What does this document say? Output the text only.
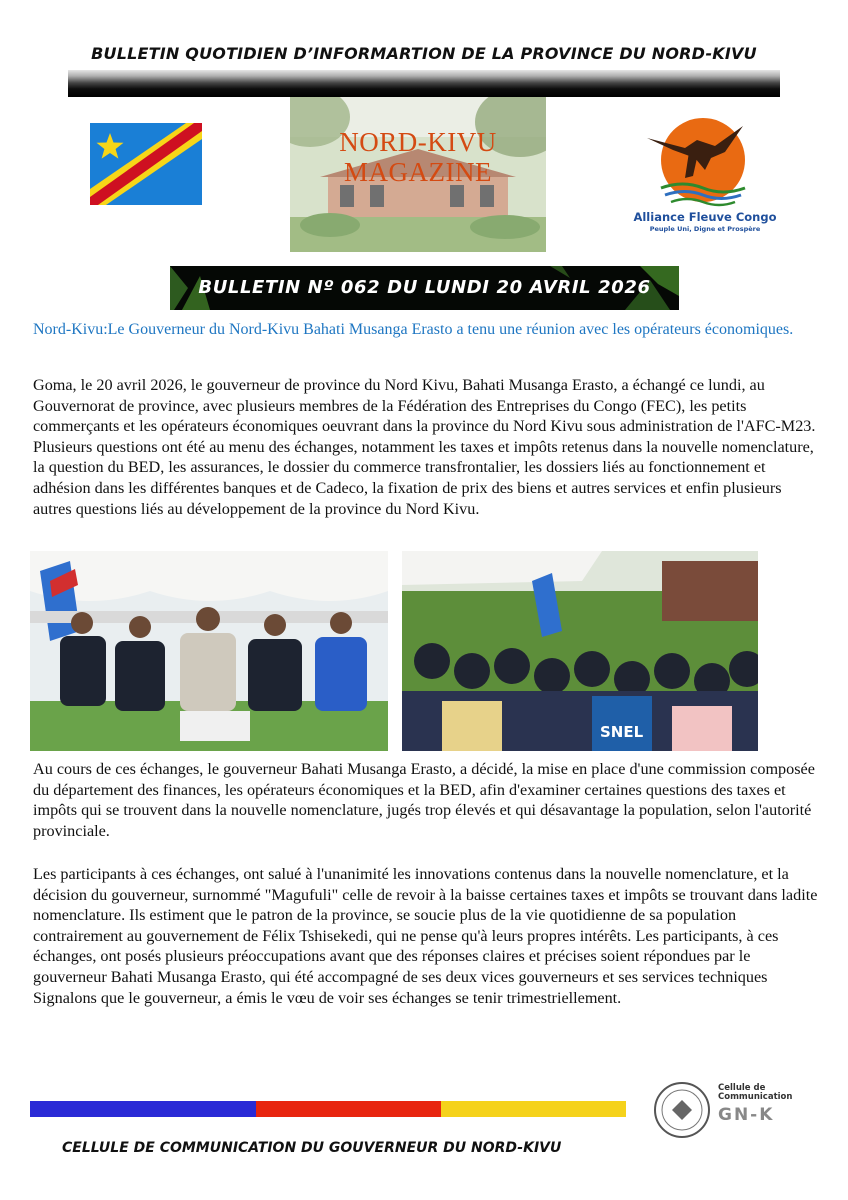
BULLETIN QUOTIDIEN D’INFORMARTION DE LA PROVINCE DU NORD-KIVU
NORD-KIVU
MAGAZINE
Alliance Fleuve Congo
Peuple Uni, Digne et Prospère
BULLETIN Nº 062 DU LUNDI 20 AVRIL 2026
Nord-Kivu:Le Gouverneur du Nord-Kivu Bahati Musanga Erasto a tenu une réunion avec les opérateurs économiques.
Goma, le 20 avril 2026, le gouverneur de province du Nord Kivu, Bahati Musanga Erasto, a échangé ce lundi, au Gouvernorat de province, avec plusieurs membres de la Fédération des Entreprises du Congo (FEC), les petits commerçants et les opérateurs économiques oeuvrant dans la province du Nord Kivu sous administration de l'AFC-M23. Plusieurs questions ont été au menu des échanges, notamment les taxes et impôts retenus dans la nouvelle nomenclature, la question du BED, les assurances, le dossier du commerce transfrontalier, les dossiers liés au fonctionnement et adhésion dans les différentes banques et de Cadeco, la fixation de prix des biens et autres services et enfin plusieurs autres questions liés au développement de la province du Nord Kivu.
SNEL
Au cours de ces échanges, le gouverneur Bahati Musanga Erasto, a décidé, la mise en place d'une commission composée du département des finances, les opérateurs économiques et la BED, afin d'examiner certaines questions des taxes et impôts qui se trouvent dans la nouvelle nomenclature, jugés trop élevés et qui désavantage la population, selon l'autorité provinciale.
Les participants à ces échanges, ont salué à l'unanimité les innovations contenus dans la nouvelle nomenclature, et la décision du gouverneur, surnommé "Magufuli" celle de revoir à la baisse certaines taxes et impôts se trouvant dans ladite nomenclature. Ils estiment que le patron de la province, se soucie plus de la vie quotidienne de sa population contrairement au gouvernement de Félix Tshisekedi, qui ne pense qu'à leurs propres intérêts. Les participants, à ces échanges, ont posés plusieurs préoccupations avant que des réponses claires et précises soient répondues par le gouverneur Bahati Musanga Erasto, qui été accompagné de ses deux vices gouverneurs et ses services techniques Signalons que le gouverneur, a émis le vœu de voir ses échanges se tenir trimestriellement.
Cellule de
Communication
GN-K
CELLULE DE COMMUNICATION DU GOUVERNEUR DU NORD-KIVU
